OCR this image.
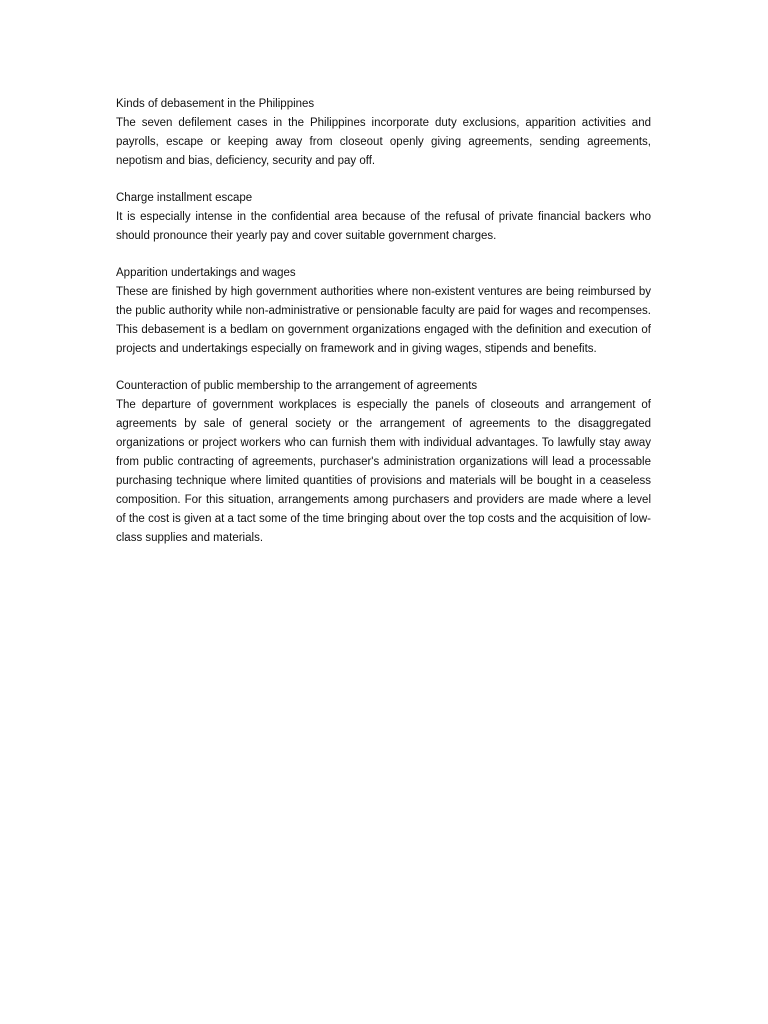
Kinds of debasement in the Philippines

The seven defilement cases in the Philippines incorporate duty exclusions, apparition activities and payrolls, escape or keeping away from closeout openly giving agreements, sending agreements, nepotism and bias, deficiency, security and pay off.

Charge installment escape

It is especially intense in the confidential area because of the refusal of private financial backers who should pronounce their yearly pay and cover suitable government charges.

Apparition undertakings and wages

These are finished by high government authorities where non-existent ventures are being reimbursed by the public authority while non-administrative or pensionable faculty are paid for wages and recompenses. This debasement is a bedlam on government organizations engaged with the definition and execution of projects and undertakings especially on framework and in giving wages, stipends and benefits.

Counteraction of public membership to the arrangement of agreements

The departure of government workplaces is especially the panels of closeouts and arrangement of agreements by sale of general society or the arrangement of agreements to the disaggregated organizations or project workers who can furnish them with individual advantages. To lawfully stay away from public contracting of agreements, purchaser's administration organizations will lead a processable purchasing technique where limited quantities of provisions and materials will be bought in a ceaseless composition. For this situation, arrangements among purchasers and providers are made where a level of the cost is given at a tact some of the time bringing about over the top costs and the acquisition of low-class supplies and materials.
